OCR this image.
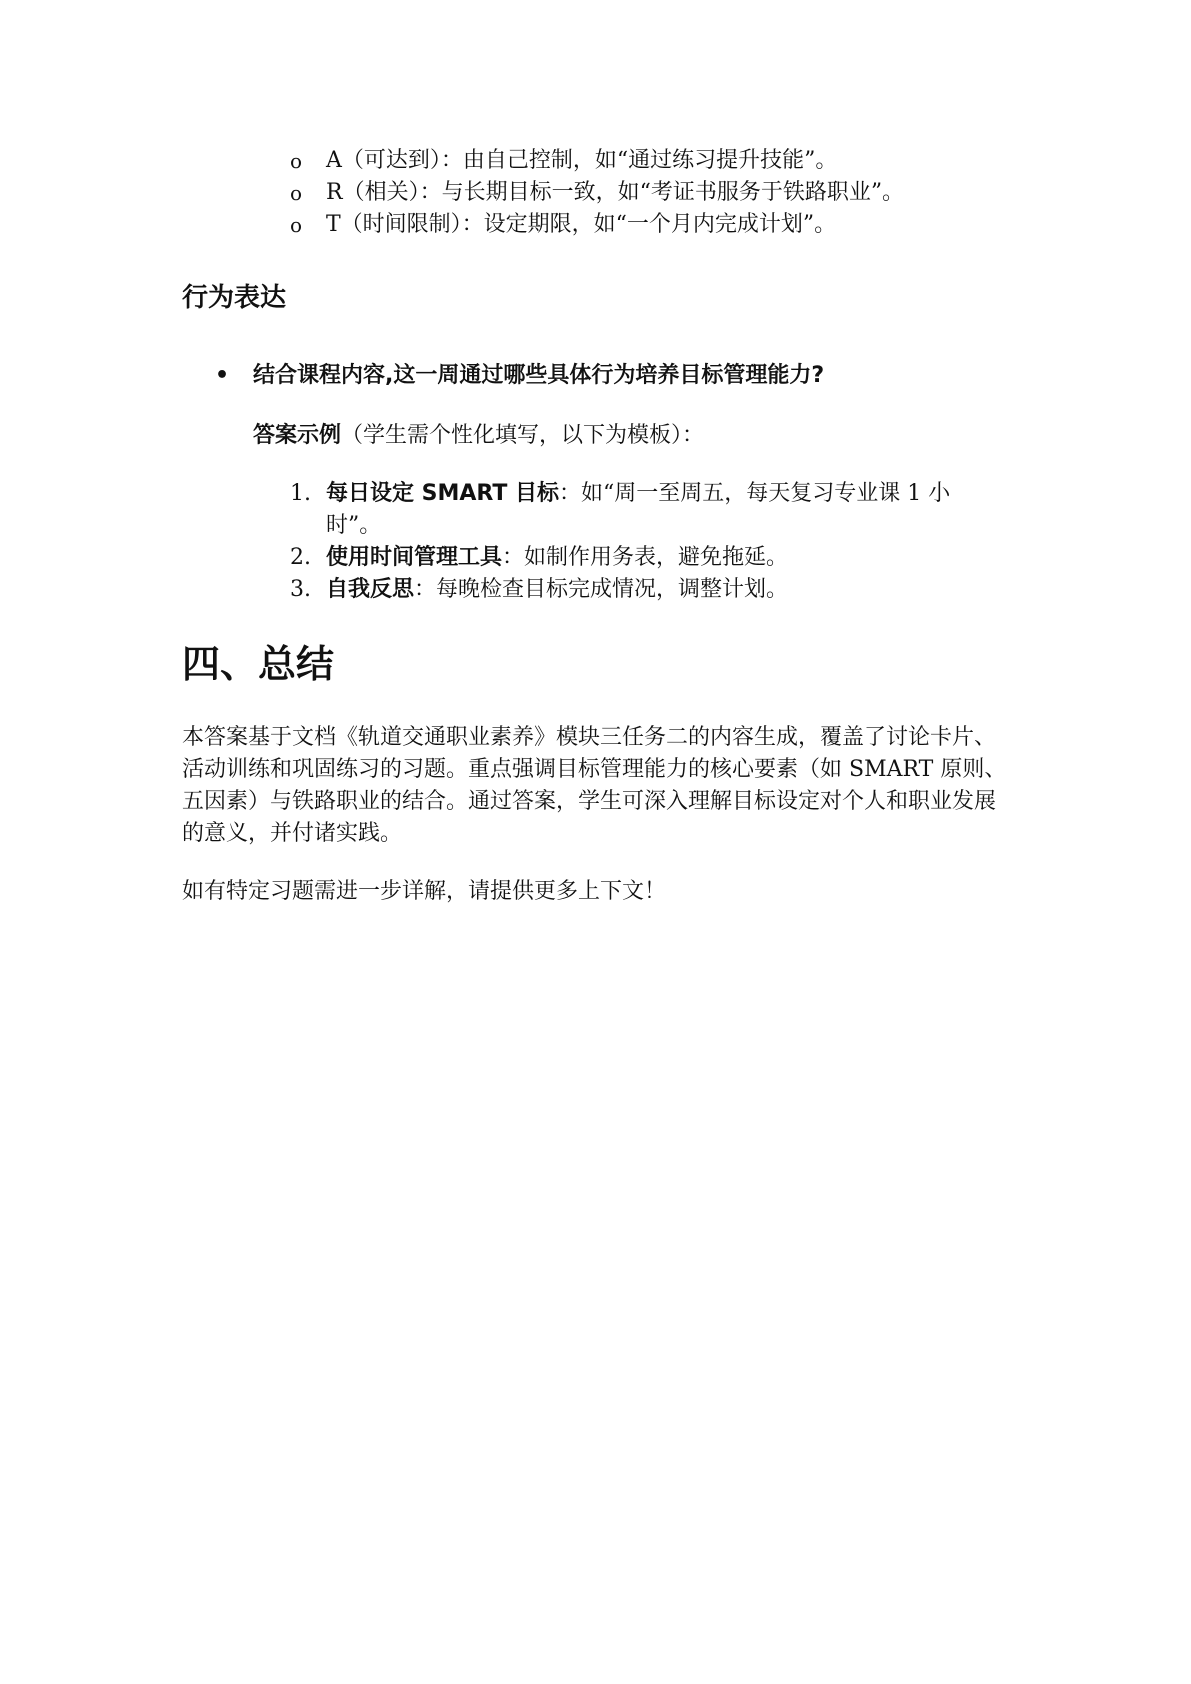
o A（可达到）：由自己控制，如“通过练习提升技能”。
o R（相关）：与长期目标一致，如“考证书服务于铁路职业”。
o T（时间限制）：设定期限，如“一个月内完成计划”。
行为表达
• 结合课程内容,这一周通过哪些具体行为培养目标管理能力?
答案示例（学生需个性化填写，以下为模板）：
1. 每日设定 SMART 目标：如“周一至周五，每天复习专业课 1 小时”。
2. 使用时间管理工具：如制作用务表，避免拖延。
3. 自我反思：每晚检查目标完成情况，调整计划。
四、总结

本答案基于文档《轨道交通职业素养》模块三任务二的内容生成，覆盖了讨论卡片、活动训练和巩固练习的习题。重点强调目标管理能力的核心要素（如 SMART 原则、五因素）与铁路职业的结合。通过答案，学生可深入理解目标设定对个人和职业发展的意义，并付诸实践。

如有特定习题需进一步详解，请提供更多上下文！
